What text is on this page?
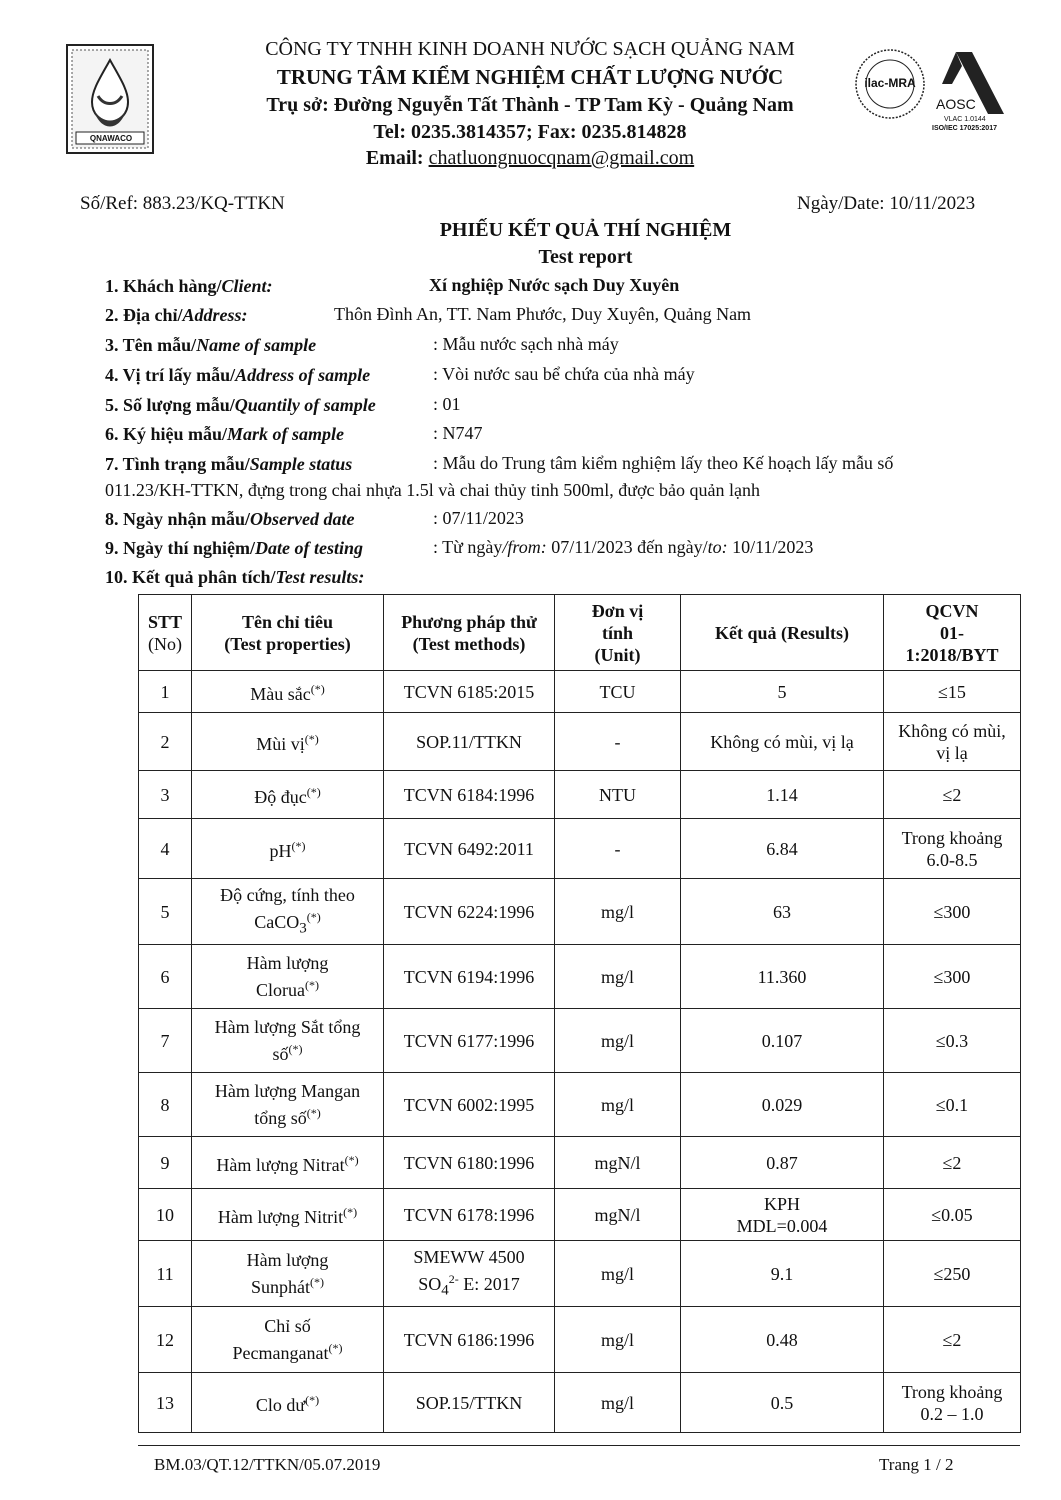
QNAWACO
CÔNG TY TNHH KINH DOANH NƯỚC SẠCH QUẢNG NAM
TRUNG TÂM KIỂM NGHIỆM CHẤT LƯỢNG NƯỚC
Trụ sở: Đường Nguyễn Tất Thành - TP Tam Kỳ - Quảng Nam
Tel: 0235.3814357; Fax: 0235.814828
Email: chatluongnuocqnam@gmail.com
ilac-MRA
AOSC
VLAC 1.0144
ISO/IEC 17025:2017
Số/Ref: 883.23/KQ-TTKN	Ngày/Date: 10/11/2023
PHIẾU KẾT QUẢ THÍ NGHIỆM
Test report
1. Khách hàng/Client:	Xí nghiệp Nước sạch Duy Xuyên
2. Địa chỉ/Address:	Thôn Đình An, TT. Nam Phước, Duy Xuyên, Quảng Nam
3. Tên mẫu/Name of sample	: Mẫu nước sạch nhà máy
4. Vị trí lấy mẫu/Address of sample	: Vòi nước sau bể chứa của nhà máy
5. Số lượng mẫu/Quantily of sample	: 01
6. Ký hiệu mẫu/Mark of sample	: N747
7. Tình trạng mẫu/Sample status	: Mẫu do Trung tâm kiểm nghiệm lấy theo Kế hoạch lấy mẫu số
011.23/KH-TTKN, đựng trong chai nhựa 1.5l và chai thủy tinh 500ml, được bảo quản lạnh
8. Ngày nhận mẫu/Observed date	: 07/11/2023
9. Ngày thí nghiệm/Date of testing	: Từ ngày/from: 07/11/2023 đến ngày/to: 10/11/2023
10. Kết quả phân tích/Test results:
STT
(No)	Tên chỉ tiêu
(Test properties)	Phương pháp thử
(Test methods)	Đơn vị
tính
(Unit)	Kết quả (Results)	QCVN
01-
1:2018/BYT
1	Màu sắc(*)	TCVN 6185:2015	TCU	5	≤15
2	Mùi vị(*)	SOP.11/TTKN	-	Không có mùi, vị lạ	Không có mùi,
vị lạ
3	Độ đục(*)	TCVN 6184:1996	NTU	1.14	≤2
4	pH(*)	TCVN 6492:2011	-	6.84	Trong khoảng
6.0-8.5
5	Độ cứng, tính theo
CaCO$_3$(*)	TCVN 6224:1996	mg/l	63	≤300
6	Hàm lượng
Clorua(*)	TCVN 6194:1996	mg/l	11.360	≤300
7	Hàm lượng Sắt tổng
số(*)	TCVN 6177:1996	mg/l	0.107	≤0.3
8	Hàm lượng Mangan
tổng số(*)	TCVN 6002:1995	mg/l	0.029	≤0.1
9	Hàm lượng Nitrat(*)	TCVN 6180:1996	mgN/l	0.87	≤2
10	Hàm lượng Nitrit(*)	TCVN 6178:1996	mgN/l	KPH
MDL=0.004	≤0.05
11	Hàm lượng
Sunphát(*)	SMEWW 4500
$SO_4^{2-}$ E: 2017	mg/l	9.1	≤250
12	Chỉ số
Pecmanganat(*)	TCVN 6186:1996	mg/l	0.48	≤2
13	Clo dư(*)	SOP.15/TTKN	mg/l	0.5	Trong khoảng
0.2 – 1.0
BM.03/QT.12/TTKN/05.07.2019	Trang 1 / 2
